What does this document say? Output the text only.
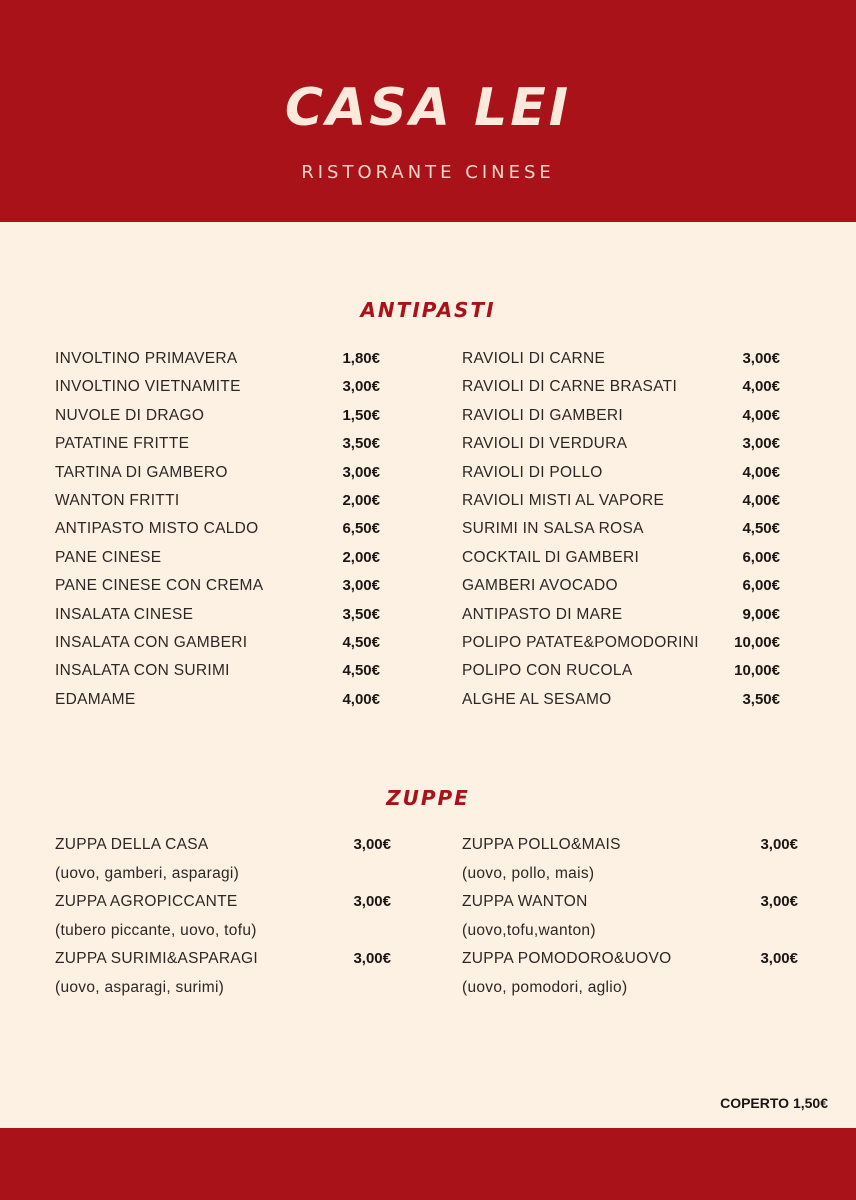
CASA LEI
RISTORANTE CINESE
ANTIPASTI
INVOLTINO PRIMAVERA	1,80€
INVOLTINO VIETNAMITE	3,00€
NUVOLE DI DRAGO	1,50€
PATATINE FRITTE	3,50€
TARTINA DI GAMBERO	3,00€
WANTON FRITTI	2,00€
ANTIPASTO MISTO CALDO	6,50€
PANE CINESE	2,00€
PANE CINESE CON CREMA	3,00€
INSALATA CINESE	3,50€
INSALATA CON GAMBERI	4,50€
INSALATA CON SURIMI	4,50€
EDAMAME	4,00€
RAVIOLI DI CARNE	3,00€
RAVIOLI DI CARNE BRASATI	4,00€
RAVIOLI DI GAMBERI	4,00€
RAVIOLI DI VERDURA	3,00€
RAVIOLI DI POLLO	4,00€
RAVIOLI MISTI AL VAPORE	4,00€
SURIMI IN SALSA ROSA	4,50€
COCKTAIL DI GAMBERI	6,00€
GAMBERI AVOCADO	6,00€
ANTIPASTO DI MARE	9,00€
POLIPO PATATE&POMODORINI 10,00€
POLIPO CON RUCOLA	10,00€
ALGHE AL SESAMO	3,50€
ZUPPE
ZUPPA DELLA CASA	3,00€
(uovo, gamberi, asparagi)
ZUPPA AGROPICCANTE	3,00€
(tubero piccante, uovo, tofu)
ZUPPA SURIMI&ASPARAGI	3,00€
(uovo, asparagi, surimi)
ZUPPA POLLO&MAIS	3,00€
(uovo, pollo, mais)
ZUPPA WANTON	3,00€
(uovo,tofu,wanton)
ZUPPA POMODORO&UOVO	3,00€
(uovo, pomodori, aglio)
COPERTO 1,50€
